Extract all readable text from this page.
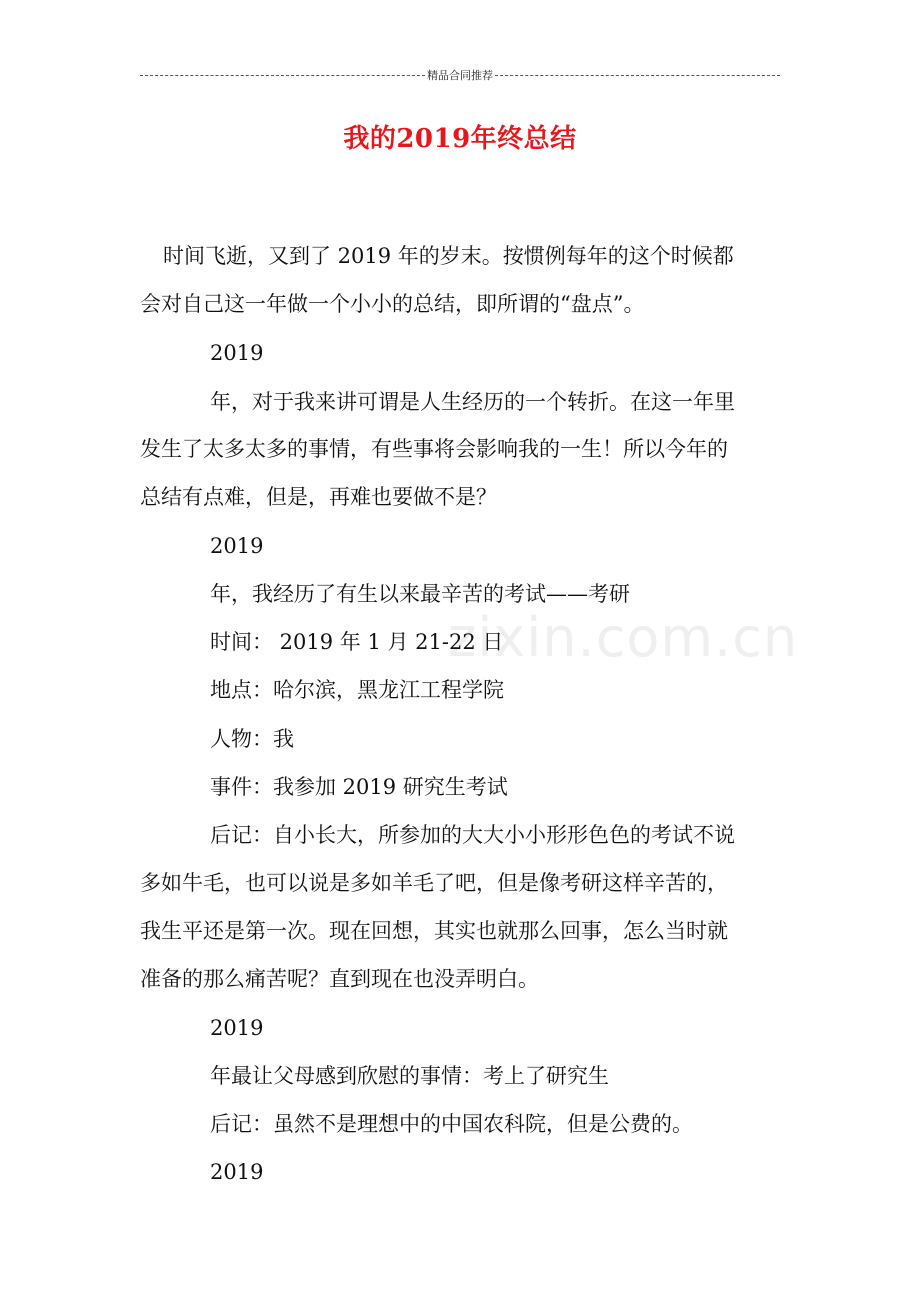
精品合同推荐
我的2019年终总结
zixin.com.cn
时间飞逝，又到了 2019 年的岁末。按惯例每年的这个时候都
会对自己这一年做一个小小的总结，即所谓的“盘点”。
2019
年，对于我来讲可谓是人生经历的一个转折。在这一年里
发生了太多太多的事情，有些事将会影响我的一生！所以今年的
总结有点难，但是，再难也要做不是？
2019
年，我经历了有生以来最辛苦的考试——考研
时间： 2019 年 1 月 21-22 日
地点：哈尔滨，黑龙江工程学院
人物：我
事件：我参加 2019 研究生考试
后记：自小长大，所参加的大大小小形形色色的考试不说
多如牛毛，也可以说是多如羊毛了吧，但是像考研这样辛苦的，
我生平还是第一次。现在回想，其实也就那么回事，怎么当时就
准备的那么痛苦呢？直到现在也没弄明白。
2019
年最让父母感到欣慰的事情：考上了研究生
后记：虽然不是理想中的中国农科院，但是公费的。
2019
